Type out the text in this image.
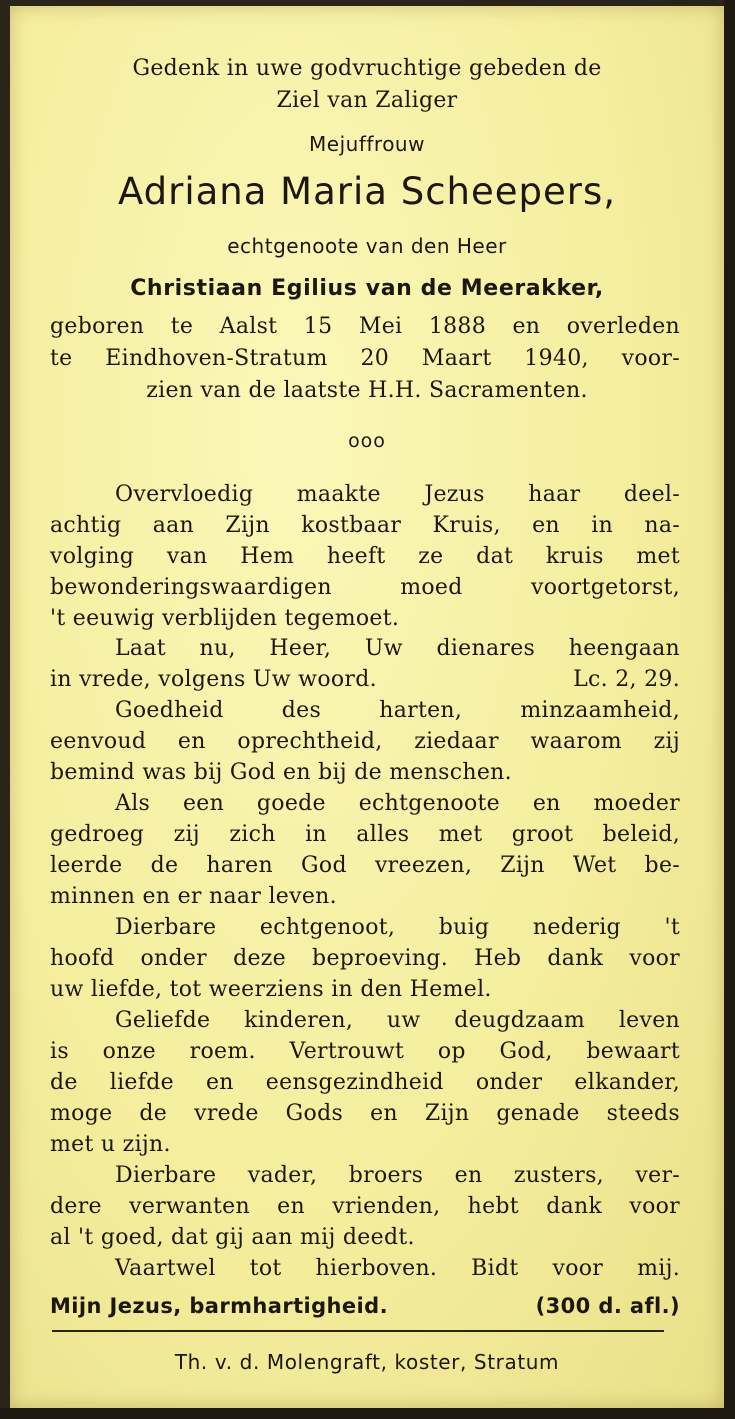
Gedenk in uwe godvruchtige gebeden de
Ziel van Zaliger
Mejuffrouw
Adriana Maria Scheepers,
echtgenoote van den Heer
Christiaan Egilius van de Meerakker,
geboren te Aalst 15 Mei 1888 en overleden
te Eindhoven-Stratum 20 Maart 1940, voor-
zien van de laatste H.H. Sacramenten.
ooo
Overvloedig maakte Jezus haar deel-
achtig aan Zijn kostbaar Kruis, en in na-
volging van Hem heeft ze dat kruis met
bewonderingswaardigen moed voortgetorst,
't eeuwig verblijden tegemoet.
Laat nu, Heer, Uw dienares heengaan
in vrede, volgens Uw woord.	Lc. 2, 29.
Goedheid des harten, minzaamheid,
eenvoud en oprechtheid, ziedaar waarom zij
bemind was bij God en bij de menschen.
Als een goede echtgenoote en moeder
gedroeg zij zich in alles met groot beleid,
leerde de haren God vreezen, Zijn Wet be-
minnen en er naar leven.
Dierbare echtgenoot, buig nederig 't
hoofd onder deze beproeving. Heb dank voor
uw liefde, tot weerziens in den Hemel.
Geliefde kinderen, uw deugdzaam leven
is onze roem. Vertrouwt op God, bewaart
de liefde en eensgezindheid onder elkander,
moge de vrede Gods en Zijn genade steeds
met u zijn.
Dierbare vader, broers en zusters, ver-
dere verwanten en vrienden, hebt dank voor
al 't goed, dat gij aan mij deedt.
Vaartwel tot hierboven. Bidt voor mij.
Mijn Jezus, barmhartigheid.	(300 d. afl.)
Th. v. d. Molengraft, koster, Stratum
